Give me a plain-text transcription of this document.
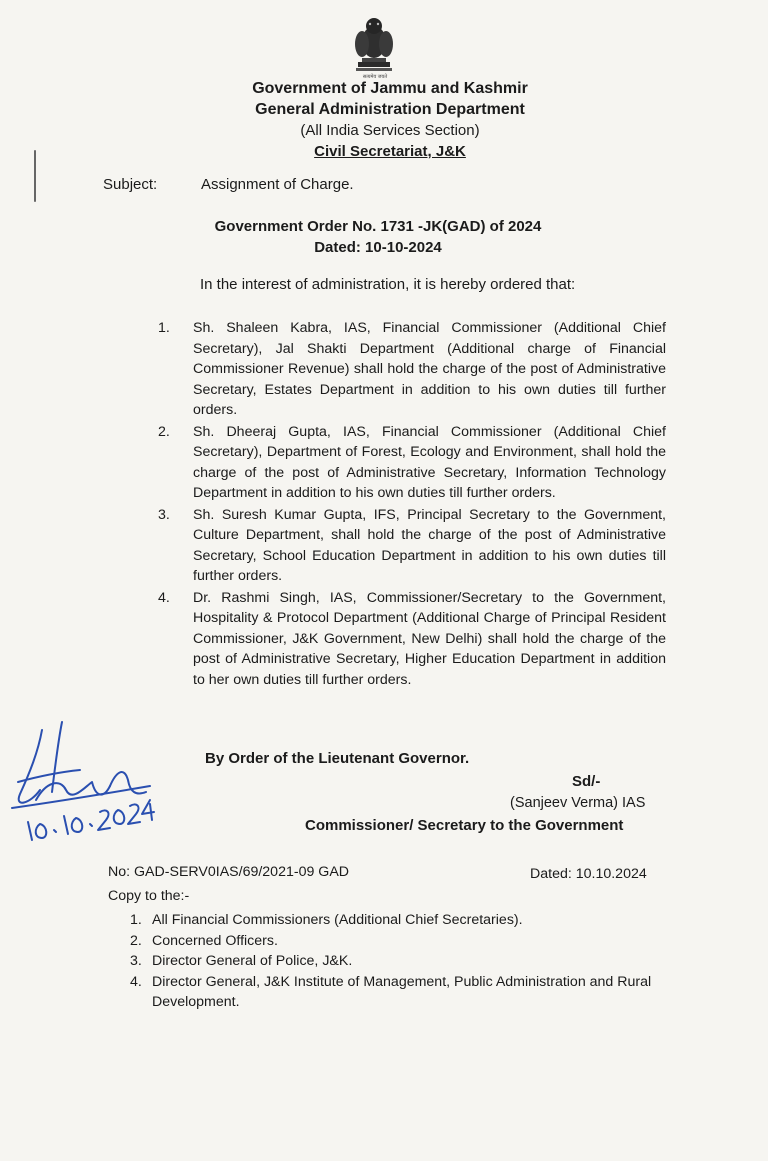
सत्यमेव जयते
Government of Jammu and Kashmir
General Administration Department
(All India Services Section)
Civil Secretariat, J&K
Subject:	Assignment of Charge.
Government Order No. 1731 -JK(GAD) of 2024
Dated: 10-10-2024
In the interest of administration, it is hereby ordered that:
1. Sh. Shaleen Kabra, IAS, Financial Commissioner (Additional Chief Secretary), Jal Shakti Department (Additional charge of Financial Commissioner Revenue) shall hold the charge of the post of Administrative Secretary, Estates Department in addition to his own duties till further orders.
2. Sh. Dheeraj Gupta, IAS, Financial Commissioner (Additional Chief Secretary), Department of Forest, Ecology and Environment, shall hold the charge of the post of Administrative Secretary, Information Technology Department in addition to his own duties till further orders.
3. Sh. Suresh Kumar Gupta, IFS, Principal Secretary to the Government, Culture Department, shall hold the charge of the post of Administrative Secretary, School Education Department in addition to his own duties till further orders.
4. Dr. Rashmi Singh, IAS, Commissioner/Secretary to the Government, Hospitality & Protocol Department (Additional Charge of Principal Resident Commissioner, J&K Government, New Delhi) shall hold the charge of the post of Administrative Secretary, Higher Education Department in addition to her own duties till further orders.
By Order of the Lieutenant Governor.
Sd/-
(Sanjeev Verma) IAS
Commissioner/ Secretary to the Government
No: GAD-SERV0IAS/69/2021-09 GAD	Dated: 10.10.2024
Copy to the:-
1. All Financial Commissioners (Additional Chief Secretaries).
2. Concerned Officers.
3. Director General of Police, J&K.
4. Director General, J&K Institute of Management, Public Administration and Rural Development.
